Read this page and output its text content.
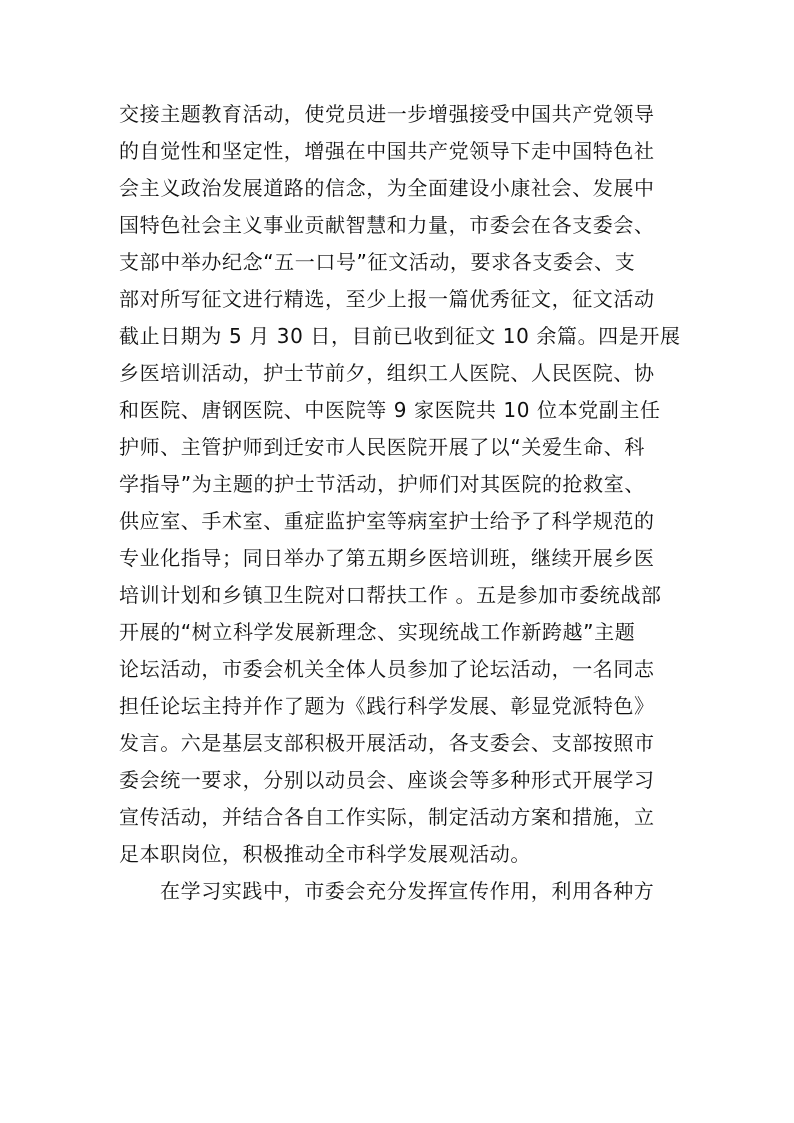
交接主题教育活动，使党员进一步增强接受中国共产党领导
的自觉性和坚定性，增强在中国共产党领导下走中国特色社
会主义政治发展道路的信念，为全面建设小康社会、发展中
国特色社会主义事业贡献智慧和力量，市委会在各支委会、
支部中举办纪念“五一口号”征文活动，要求各支委会、支
部对所写征文进行精选，至少上报一篇优秀征文，征文活动
截止日期为 5 月 30 日，目前已收到征文 10 余篇。四是开展
乡医培训活动，护士节前夕，组织工人医院、人民医院、协
和医院、唐钢医院、中医院等 9 家医院共 10 位本党副主任
护师、主管护师到迁安市人民医院开展了以“关爱生命、科
学指导”为主题的护士节活动，护师们对其医院的抢救室、
供应室、手术室、重症监护室等病室护士给予了科学规范的
专业化指导；同日举办了第五期乡医培训班，继续开展乡医
培训计划和乡镇卫生院对口帮扶工作 。五是参加市委统战部
开展的“树立科学发展新理念、实现统战工作新跨越”主题
论坛活动，市委会机关全体人员参加了论坛活动，一名同志
担任论坛主持并作了题为《践行科学发展、彰显党派特色》
发言。六是基层支部积极开展活动，各支委会、支部按照市
委会统一要求，分别以动员会、座谈会等多种形式开展学习
宣传活动，并结合各自工作实际，制定活动方案和措施，立
足本职岗位，积极推动全市科学发展观活动。
在学习实践中，市委会充分发挥宣传作用，利用各种方
